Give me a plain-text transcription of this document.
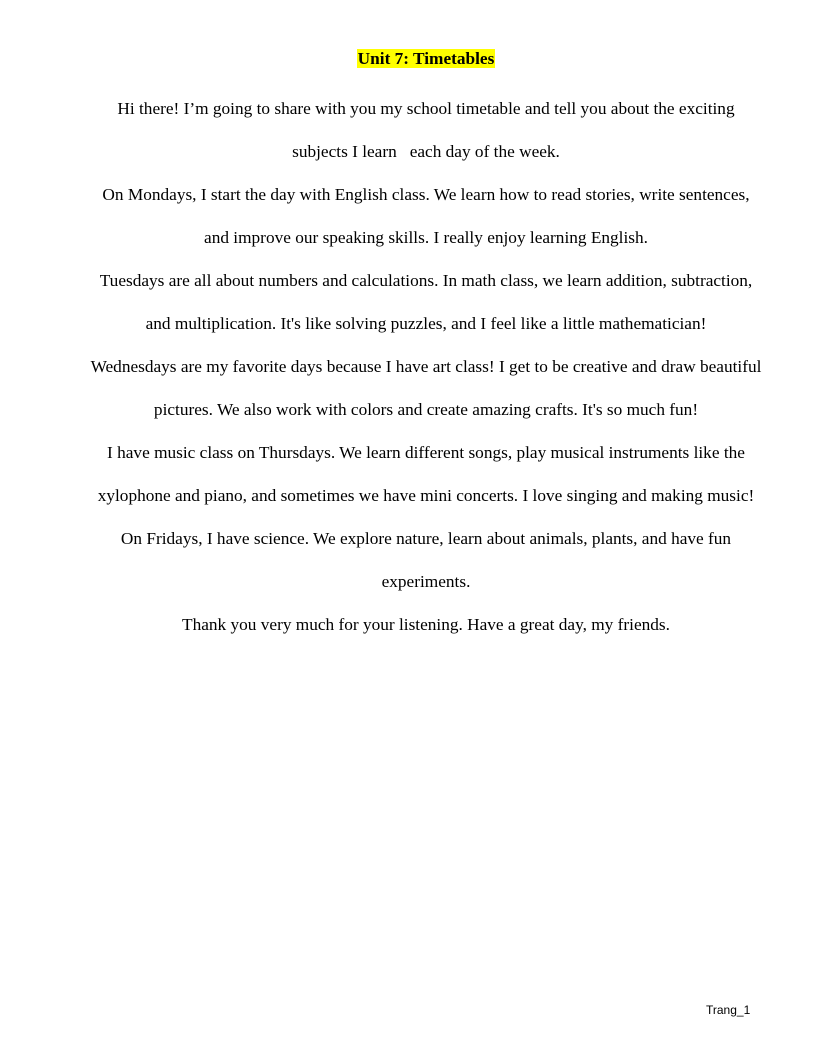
Unit 7: Timetables

Hi there! I’m going to share with you my school timetable and tell you about the exciting subjects I learn   each day of the week.

On Mondays, I start the day with English class. We learn how to read stories, write sentences, and improve our speaking skills. I really enjoy learning English.

Tuesdays are all about numbers and calculations. In math class, we learn addition, subtraction, and multiplication. It's like solving puzzles, and I feel like a little mathematician!

Wednesdays are my favorite days because I have art class! I get to be creative and draw beautiful pictures. We also work with colors and create amazing crafts. It's so much fun!

I have music class on Thursdays. We learn different songs, play musical instruments like the xylophone and piano, and sometimes we have mini concerts. I love singing and making music!

On Fridays, I have science. We explore nature, learn about animals, plants, and have fun experiments.

Thank you very much for your listening. Have a great day, my friends.

Trang_1
